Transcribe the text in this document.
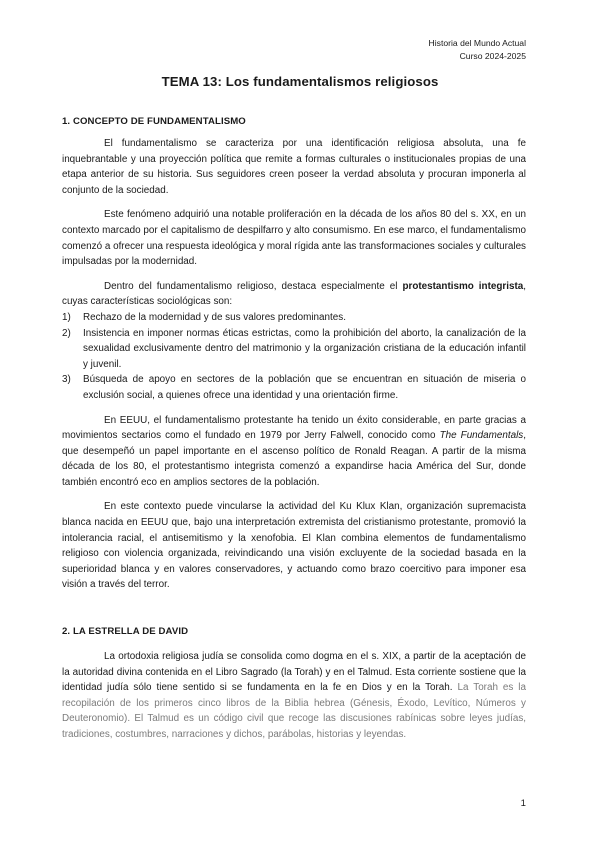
Historia del Mundo Actual
Curso 2024-2025
TEMA 13: Los fundamentalismos religiosos
1. CONCEPTO DE FUNDAMENTALISMO

El fundamentalismo se caracteriza por una identificación religiosa absoluta, una fe inquebrantable y una proyección política que remite a formas culturales o institucionales propias de una etapa anterior de su historia. Sus seguidores creen poseer la verdad absoluta y procuran imponerla al conjunto de la sociedad.

Este fenómeno adquirió una notable proliferación en la década de los años 80 del s. XX, en un contexto marcado por el capitalismo de despilfarro y alto consumismo. En ese marco, el fundamentalismo comenzó a ofrecer una respuesta ideológica y moral rígida ante las transformaciones sociales y culturales impulsadas por la modernidad.

Dentro del fundamentalismo religioso, destaca especialmente el protestantismo integrista, cuyas características sociológicas son:

1) Rechazo de la modernidad y de sus valores predominantes.
2) Insistencia en imponer normas éticas estrictas, como la prohibición del aborto, la canalización de la sexualidad exclusivamente dentro del matrimonio y la organización cristiana de la educación infantil y juvenil.
3) Búsqueda de apoyo en sectores de la población que se encuentran en situación de miseria o exclusión social, a quienes ofrece una identidad y una orientación firme.

En EEUU, el fundamentalismo protestante ha tenido un éxito considerable, en parte gracias a movimientos sectarios como el fundado en 1979 por Jerry Falwell, conocido como The Fundamentals, que desempeñó un papel importante en el ascenso político de Ronald Reagan. A partir de la misma década de los 80, el protestantismo integrista comenzó a expandirse hacia América del Sur, donde también encontró eco en amplios sectores de la población.

En este contexto puede vincularse la actividad del Ku Klux Klan, organización supremacista blanca nacida en EEUU que, bajo una interpretación extremista del cristianismo protestante, promovió la intolerancia racial, el antisemitismo y la xenofobia. El Klan combina elementos de fundamentalismo religioso con violencia organizada, reivindicando una visión excluyente de la sociedad basada en la superioridad blanca y en valores conservadores, y actuando como brazo coercitivo para imponer esa visión a través del terror.

2. LA ESTRELLA DE DAVID

La ortodoxia religiosa judía se consolida como dogma en el s. XIX, a partir de la aceptación de la autoridad divina contenida en el Libro Sagrado (la Torah) y en el Talmud. Esta corriente sostiene que la identidad judía sólo tiene sentido si se fundamenta en la fe en Dios y en la Torah. La Torah es la recopilación de los primeros cinco libros de la Biblia hebrea (Génesis, Éxodo, Levítico, Números y Deuteronomio). El Talmud es un código civil que recoge las discusiones rabínicas sobre leyes judías, tradiciones, costumbres, narraciones y dichos, parábolas, historias y leyendas.

1
